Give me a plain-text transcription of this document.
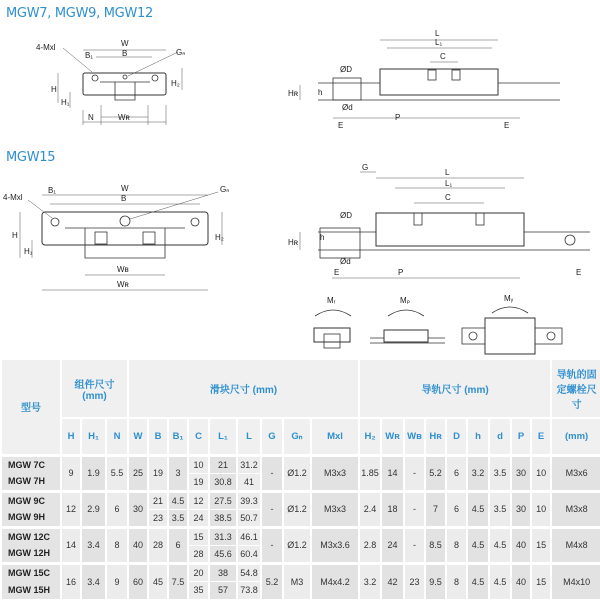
MGW7, MGW9, MGW12
MGW15
W
B
B₁	Gₙ
4-Mxl
H
H₁
H₂
N	Wʀ
L
L₁
C
ØD
h
Ød
Hʀ
E
P
E
W
B
B₁	Gₙ
4-Mxl
H
H₁
H₂
Wʙ
Wʀ
L
L₁
C
G
ØD
h
Ød
Hʀ
E	P	E
Mᵣ	Mₚ	Mᵧ
型号	组件尺寸 (mm)			滑块尺寸 (mm)									导轨尺寸 (mm)									导轨的固定螺栓尺寸
	H	H₁	N	W	B	B₁	C	L₁	L	G	Gₙ	Mxl	H₂	Wʀ	Wʙ	Hʀ	D	h	d	P	E	(mm)
MGW 7C	9	1.9	5.5	25	19	3	10	21	31.2	-	Ø1.2	M3x3	1.85	14	-	5.2	6	3.2	3.5	30	10	M3x6
MGW 7H							19	30.8	41													
MGW 9C	12	2.9	6	30	21	4.5	12	27.5	39.3	-	Ø1.2	M3x3	2.4	18	-	7	6	4.5	3.5	30	10	M3x8
MGW 9H					23	3.5	24	38.5	50.7													
MGW 12C	14	3.4	8	40	28	6	15	31.3	46.1	-	Ø1.2	M3x3.6	2.8	24	-	8.5	8	4.5	4.5	40	15	M4x8
MGW 12H							28	45.6	60.4													
MGW 15C	16	3.4	9	60	45	7.5	20	38	54.8	5.2	M3	M4x4.2	3.2	42	23	9.5	8	4.5	4.5	40	15	M4x10
MGW 15H							35	57	73.8													
